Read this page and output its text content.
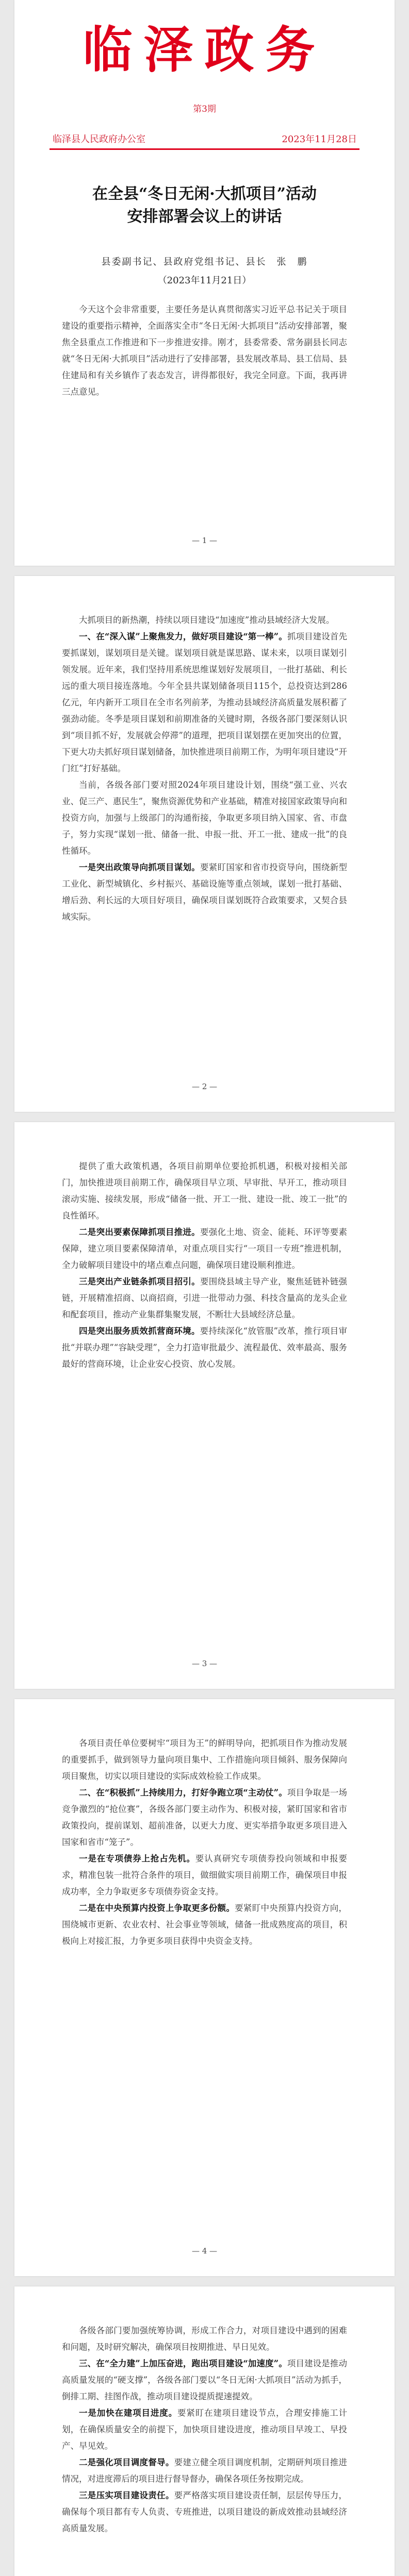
临泽政务
第3期
临泽县人民政府办公室	2023年11月28日
在全县“冬日无闲·大抓项目”活动
安排部署会议上的讲话
县委副书记、县政府党组书记、县长　张　鹏
（2023年11月21日）

今天这个会非常重要，主要任务是认真贯彻落实习近平总书记关于项目建设的重要指示精神，全面落实全市“冬日无闲·大抓项目”活动安排部署，聚焦全县重点工作推进和下一步推进安排。刚才，县委常委、常务副县长同志就“冬日无闲·大抓项目”活动进行了安排部署，县发展改革局、县工信局、县住建局和有关乡镇作了表态发言，讲得都很好，我完全同意。下面，我再讲三点意见。

— 1 —

大抓项目的新热潮，持续以项目建设“加速度”推动县域经济大发展。

一、在“深入谋”上聚焦发力，做好项目建设“第一棒”。抓项目建设首先要抓谋划，谋划项目是关键。谋划项目就是谋思路、谋未来，以项目谋划引领发展。近年来，我们坚持用系统思维谋划好发展项目，一批打基础、利长远的重大项目接连落地。今年全县共谋划储备项目115个，总投资达到286亿元，年内新开工项目在全市名列前茅，为推动县域经济高质量发展积蓄了强劲动能。冬季是项目谋划和前期准备的关键时期，各级各部门要深刻认识到“项目抓不好，发展就会停滞”的道理，把项目谋划摆在更加突出的位置，下更大功夫抓好项目谋划储备，加快推进项目前期工作，为明年项目建设“开门红”打好基础。

当前，各级各部门要对照2024年项目建设计划，围绕“强工业、兴农业、促三产、惠民生”，聚焦资源优势和产业基础，精准对接国家政策导向和投资方向，加强与上级部门的沟通衔接，争取更多项目纳入国家、省、市盘子，努力实现“谋划一批、储备一批、申报一批、开工一批、建成一批”的良性循环。

一是突出政策导向抓项目谋划。要紧盯国家和省市投资导向，围绕新型工业化、新型城镇化、乡村振兴、基础设施等重点领域，谋划一批打基础、增后劲、利长远的大项目好项目，确保项目谋划既符合政策要求，又契合县域实际。

— 2 —

提供了重大政策机遇，各项目前期单位要抢抓机遇，积极对接相关部门，加快推进项目前期工作，确保项目早立项、早审批、早开工，推动项目滚动实施、接续发展，形成“储备一批、开工一批、建设一批、竣工一批”的良性循环。

二是突出要素保障抓项目推进。要强化土地、资金、能耗、环评等要素保障，建立项目要素保障清单，对重点项目实行“一项目一专班”推进机制，全力破解项目建设中的堵点难点问题，确保项目建设顺利推进。

三是突出产业链条抓项目招引。要围绕县域主导产业，聚焦延链补链强链，开展精准招商、以商招商，引进一批带动力强、科技含量高的龙头企业和配套项目，推动产业集群集聚发展，不断壮大县域经济总量。

四是突出服务质效抓营商环境。要持续深化“放管服”改革，推行项目审批“并联办理”“容缺受理”，全力打造审批最少、流程最优、效率最高、服务最好的营商环境，让企业安心投资、放心发展。

— 3 —

各项目责任单位要树牢“项目为王”的鲜明导向，把抓项目作为推动发展的重要抓手，做到领导力量向项目集中、工作措施向项目倾斜、服务保障向项目聚焦，切实以项目建设的实际成效检验工作成果。

二、在“积极抓”上持续用力，打好争跑立项“主动仗”。项目争取是一场竞争激烈的“抢位赛”，各级各部门要主动作为、积极对接，紧盯国家和省市政策投向，提前谋划、超前准备，以更大力度、更实举措争取更多项目进入国家和省市“笼子”。

一是在专项债券上抢占先机。要认真研究专项债券投向领域和申报要求，精准包装一批符合条件的项目，做细做实项目前期工作，确保项目申报成功率，全力争取更多专项债券资金支持。

二是在中央预算内投资上争取更多份额。要紧盯中央预算内投资方向，围绕城市更新、农业农村、社会事业等领域，储备一批成熟度高的项目，积极向上对接汇报，力争更多项目获得中央资金支持。

— 4 —

各级各部门要加强统筹协调，形成工作合力，对项目建设中遇到的困难和问题，及时研究解决，确保项目按期推进、早日见效。

三、在“全力建”上加压奋进，跑出项目建设“加速度”。项目建设是推动高质量发展的“硬支撑”，各级各部门要以“冬日无闲·大抓项目”活动为抓手，倒排工期、挂图作战，推动项目建设提质提速提效。

一是加快在建项目进度。要紧盯在建项目建设节点，合理安排施工计划，在确保质量安全的前提下，加快项目建设进度，推动项目早竣工、早投产、早见效。

二是强化项目调度督导。要建立健全项目调度机制，定期研判项目推进情况，对进度滞后的项目进行督导督办，确保各项任务按期完成。

三是压实项目建设责任。要严格落实项目建设责任制，层层传导压力，确保每个项目都有专人负责、专班推进，以项目建设的新成效推动县域经济高质量发展。
